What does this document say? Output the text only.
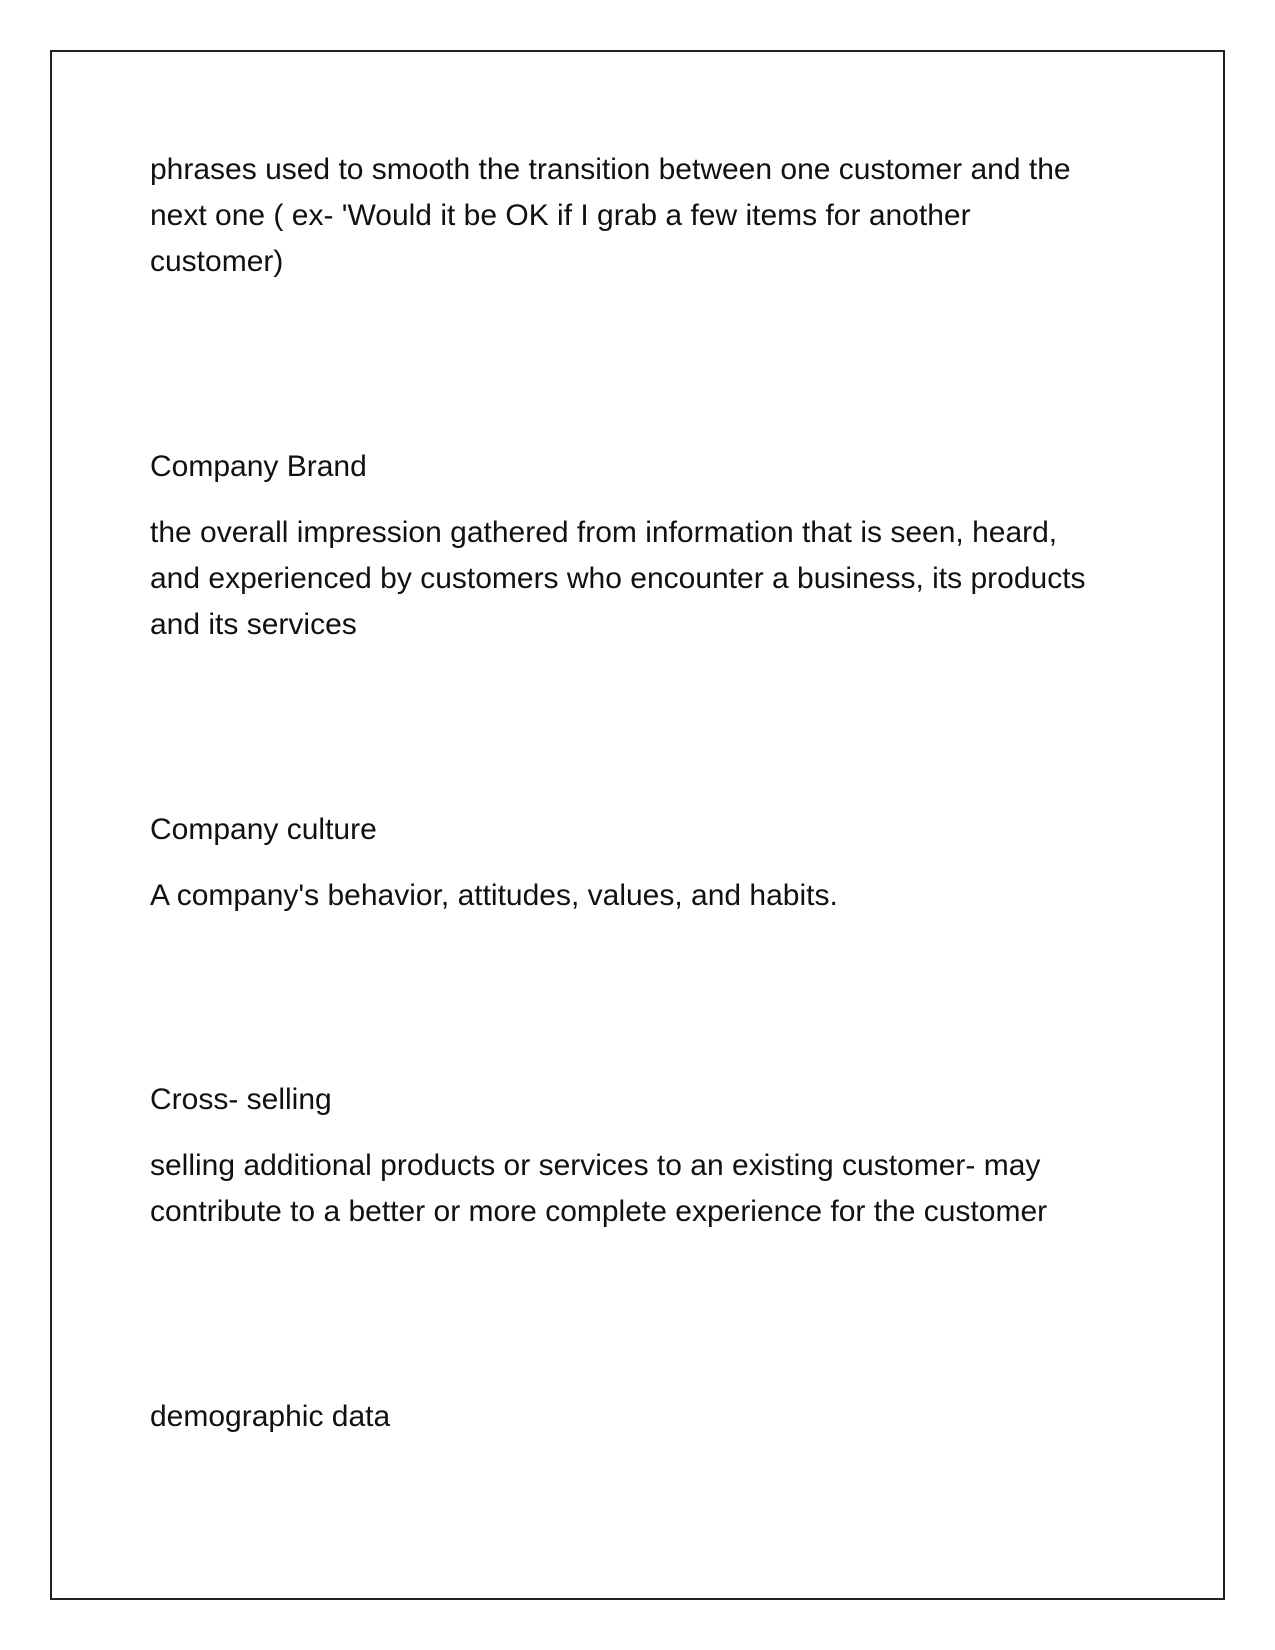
phrases used to smooth the transition between one customer and the next one ( ex- 'Would it be OK if I grab a few items for another customer)

Company Brand

the overall impression gathered from information that is seen, heard, and experienced by customers who encounter a business, its products and its services

Company culture

A company's behavior, attitudes, values, and habits.

Cross- selling

selling additional products or services to an existing customer- may contribute to a better or more complete experience for the customer

demographic data
